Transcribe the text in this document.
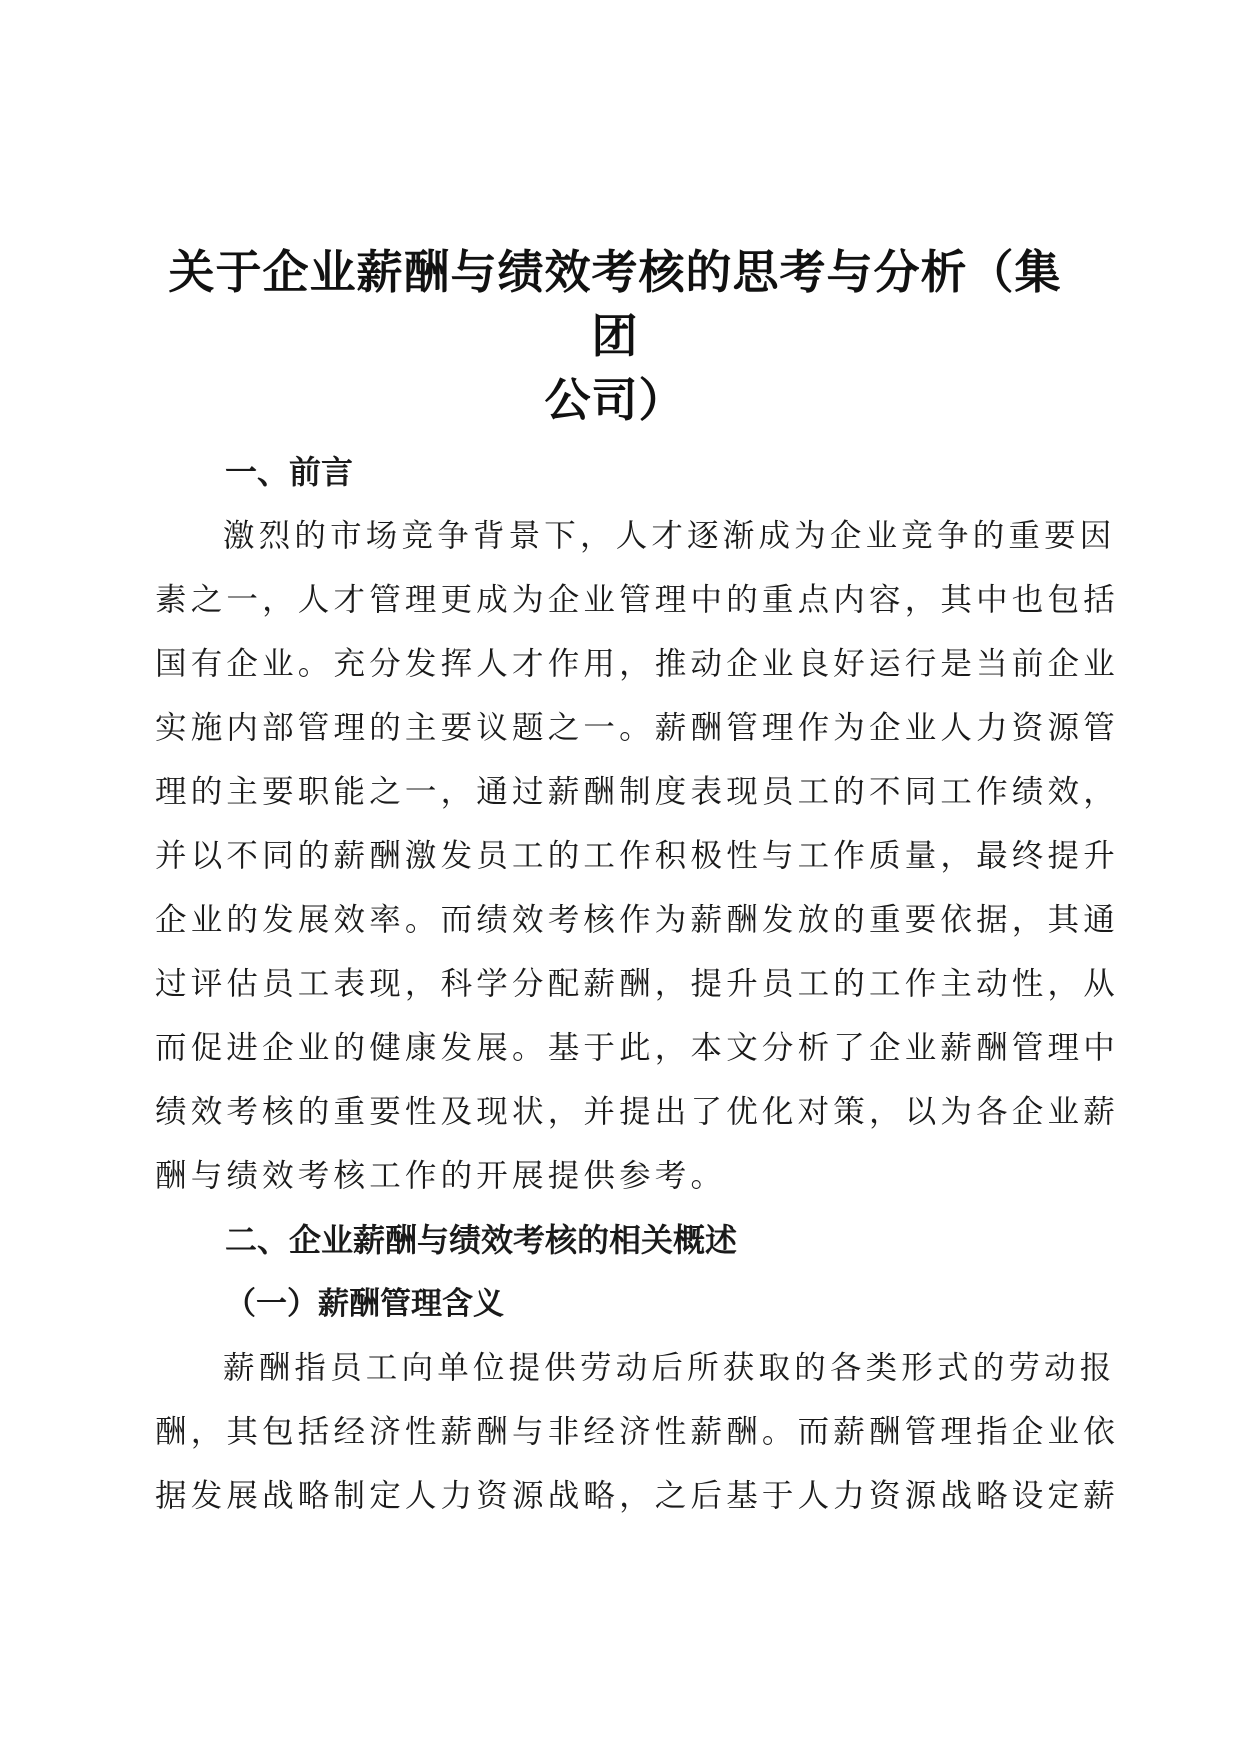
关于企业薪酬与绩效考核的思考与分析（集团
公司）
一、前言

激烈的市场竞争背景下，人才逐渐成为企业竞争的重要因
素之一，人才管理更成为企业管理中的重点内容，其中也包括
国有企业。充分发挥人才作用，推动企业良好运行是当前企业
实施内部管理的主要议题之一。薪酬管理作为企业人力资源管
理的主要职能之一，通过薪酬制度表现员工的不同工作绩效，
并以不同的薪酬激发员工的工作积极性与工作质量，最终提升
企业的发展效率。而绩效考核作为薪酬发放的重要依据，其通
过评估员工表现，科学分配薪酬，提升员工的工作主动性，从
而促进企业的健康发展。基于此，本文分析了企业薪酬管理中
绩效考核的重要性及现状，并提出了优化对策，以为各企业薪
酬与绩效考核工作的开展提供参考。

二、企业薪酬与绩效考核的相关概述
（一）薪酬管理含义

薪酬指员工向单位提供劳动后所获取的各类形式的劳动报
酬，其包括经济性薪酬与非经济性薪酬。而薪酬管理指企业依
据发展战略制定人力资源战略，之后基于人力资源战略设定薪
